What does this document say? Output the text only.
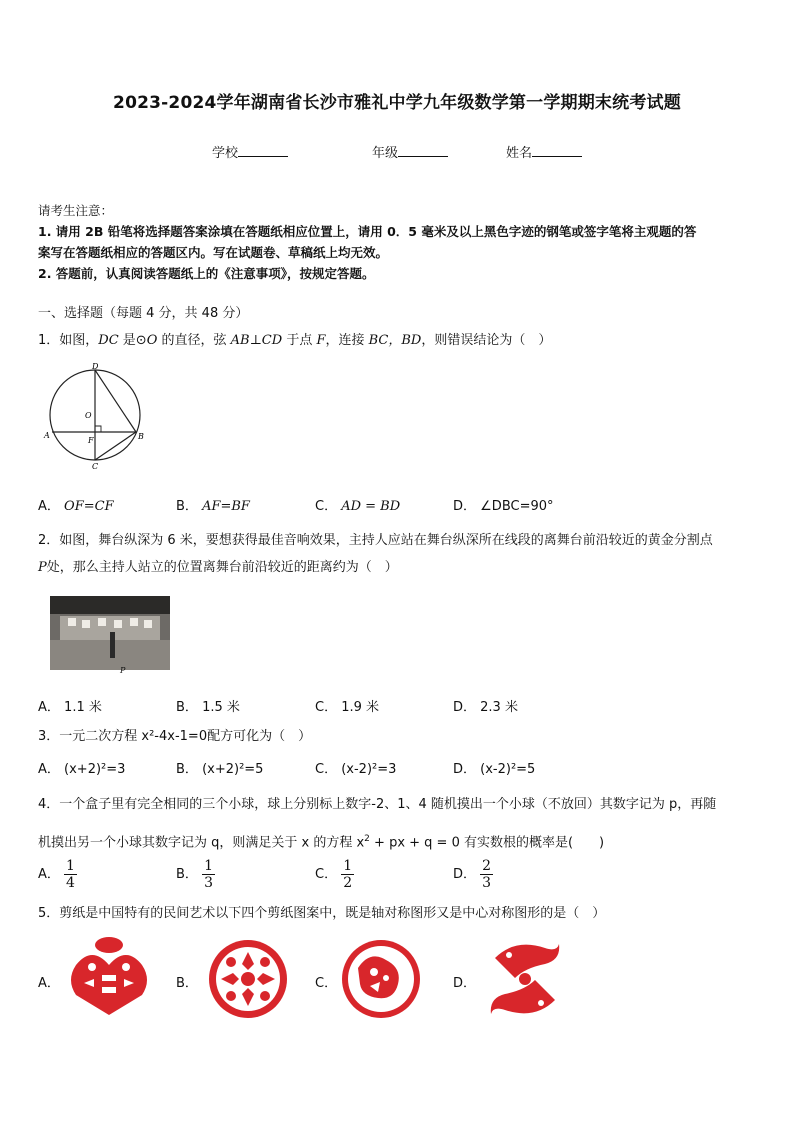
2023-2024学年湖南省长沙市雅礼中学九年级数学第一学期期末统考试题
学校	年级	姓名
请考生注意：
1. 请用 2B 铅笔将选择题答案涂填在答题纸相应位置上，请用 0．5 毫米及以上黑色字迹的钢笔或签字笔将主观题的答
案写在答题纸相应的答题区内。写在试题卷、草稿纸上均无效。
2. 答题前，认真阅读答题纸上的《注意事项》，按规定答题。
一、选择题（每题 4 分，共 48 分）
1．如图，DC 是⊙O 的直径，弦 AB⊥CD 于点 F，连接 BC，BD，则错误结论为（　）
D
O
A
F	B
C
A． OF=CF	B． AF=BF	C． AD = BD	D． ∠DBC=90°
2．如图，舞台纵深为 6 米，要想获得最佳音响效果，主持人应站在舞台纵深所在线段的离舞台前沿较近的黄金分割点
P处，那么主持人站立的位置离舞台前沿较近的距离约为（　）
P
A． 1.1 米	B． 1.5 米	C． 1.9 米	D． 2.3 米
3．一元二次方程 x²-4x-1=0配方可化为（　）
A． (x+2)²=3	B． (x+2)²=5	C． (x-2)²=3	D． (x-2)²=5
4．一个盒子里有完全相同的三个小球，球上分别标上数字-2、1、4 随机摸出一个小球（不放回）其数字记为 p，再随
机摸出另一个小球其数字记为 q，则满足关于 x 的方程 $x^2$ + px + q = 0 有实数根的概率是(　　)
A． $\frac{1}{4}$	B． $\frac{1}{3}$	C． $\frac{1}{2}$	D． $\frac{2}{3}$
5．剪纸是中国特有的民间艺术以下四个剪纸图案中，既是轴对称图形又是中心对称图形的是（　）
A．	B．	C．	D．
